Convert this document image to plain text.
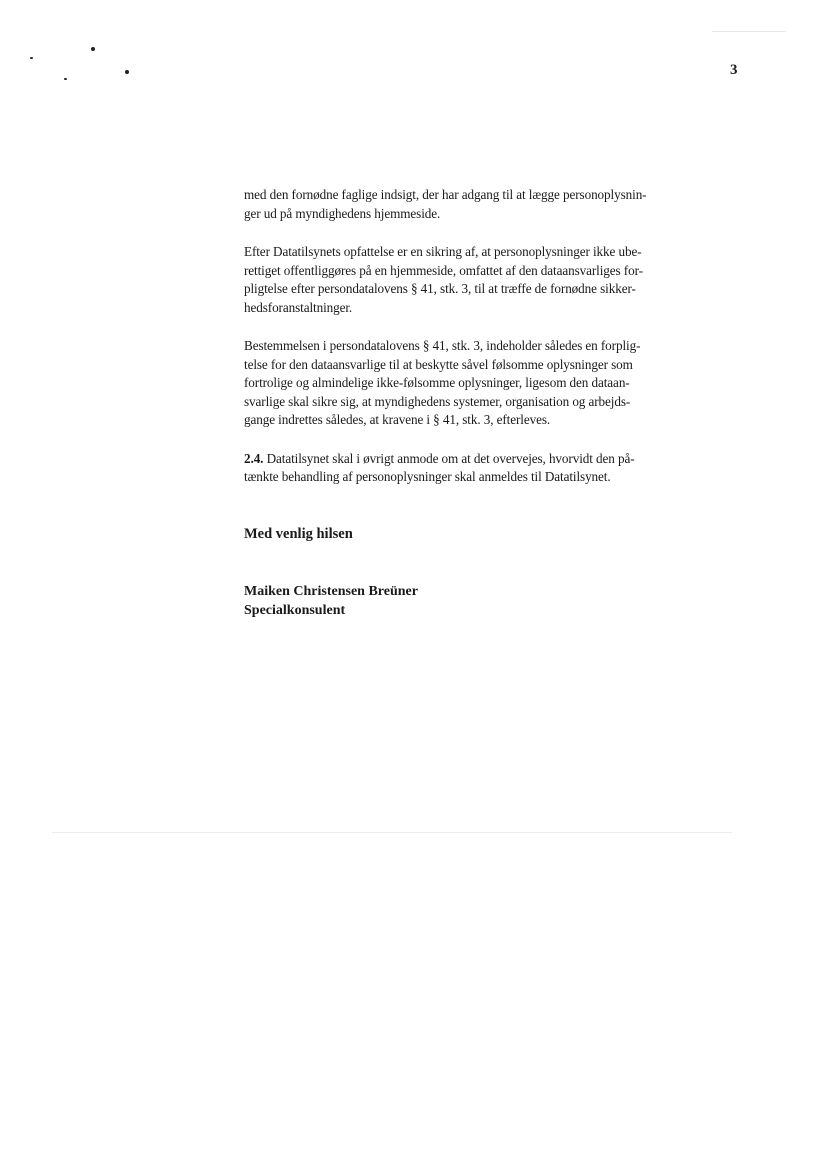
3

med den fornødne faglige indsigt, der har adgang til at lægge personoplysnin-
ger ud på myndighedens hjemmeside.

Efter Datatilsynets opfattelse er en sikring af, at personoplysninger ikke ube-
rettiget offentliggøres på en hjemmeside, omfattet af den dataansvarliges for-
pligtelse efter persondatalovens § 41, stk. 3, til at træffe de fornødne sikker-
hedsforanstaltninger.

Bestemmelsen i persondatalovens § 41, stk. 3, indeholder således en forplig-
telse for den dataansvarlige til at beskytte såvel følsomme oplysninger som
fortrolige og almindelige ikke-følsomme oplysninger, ligesom den dataan-
svarlige skal sikre sig, at myndighedens systemer, organisation og arbejds-
gange indrettes således, at kravene i § 41, stk. 3, efterleves.

2.4. Datatilsynet skal i øvrigt anmode om at det overvejes, hvorvidt den på-
tænkte behandling af personoplysninger skal anmeldes til Datatilsynet.

Med venlig hilsen
Maiken Christensen Breüner
Specialkonsulent
